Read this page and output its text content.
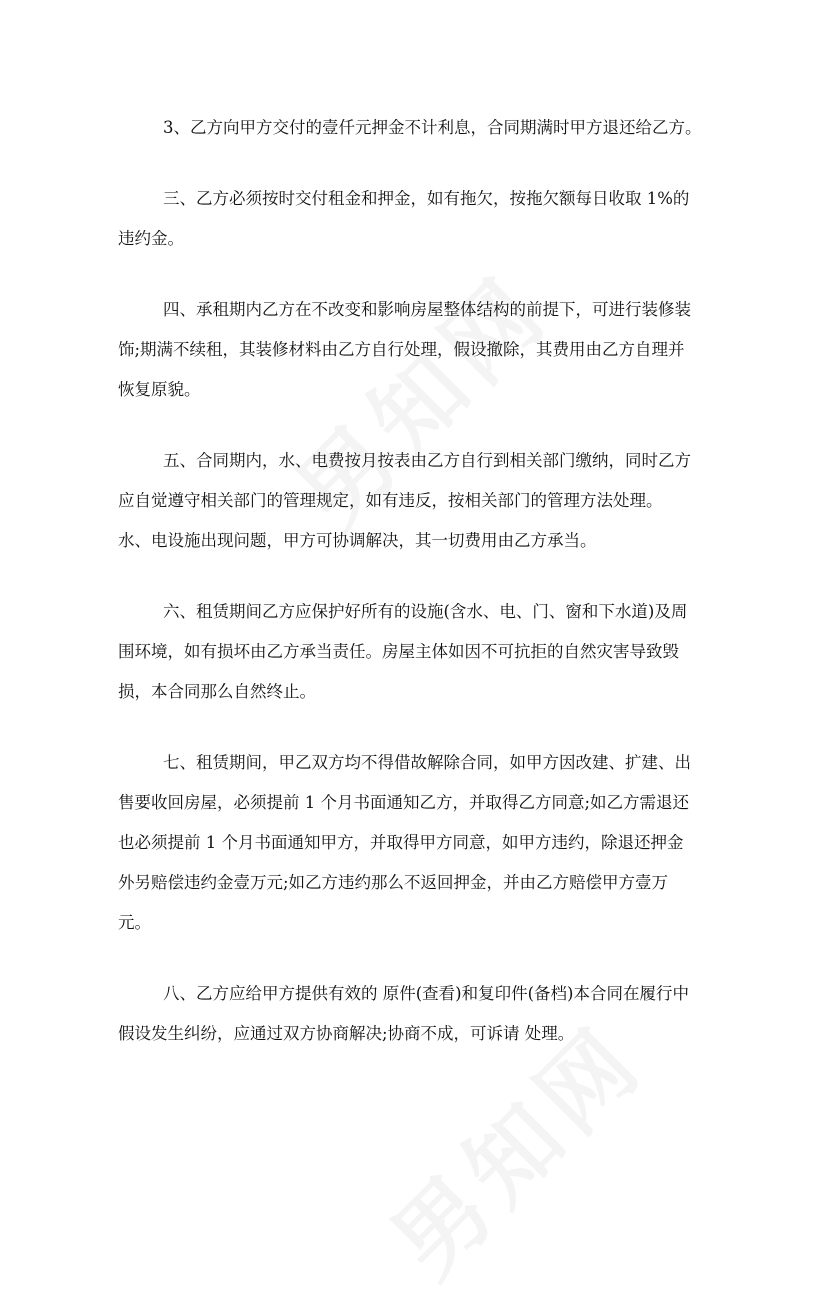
3、乙方向甲方交付的壹仟元押金不计利息，合同期满时甲方退还给乙方。

三、乙方必须按时交付租金和押金，如有拖欠，按拖欠额每日收取 1%的
违约金。

四、承租期内乙方在不改变和影响房屋整体结构的前提下，可进行装修装
饰;期满不续租，其装修材料由乙方自行处理，假设撤除，其费用由乙方自理并
恢复原貌。

五、合同期内，水、电费按月按表由乙方自行到相关部门缴纳，同时乙方
应自觉遵守相关部门的管理规定，如有违反，按相关部门的管理方法处理。
水、电设施出现问题，甲方可协调解决，其一切费用由乙方承当。

六、租赁期间乙方应保护好所有的设施(含水、电、门、窗和下水道)及周
围环境，如有损坏由乙方承当责任。房屋主体如因不可抗拒的自然灾害导致毁
损，本合同那么自然终止。

七、租赁期间，甲乙双方均不得借故解除合同，如甲方因改建、扩建、出
售要收回房屋，必须提前 1 个月书面通知乙方，并取得乙方同意;如乙方需退还
也必须提前 1 个月书面通知甲方，并取得甲方同意，如甲方违约，除退还押金
外另赔偿违约金壹万元;如乙方违约那么不返回押金，并由乙方赔偿甲方壹万
元。

八、乙方应给甲方提供有效的 原件(查看)和复印件(备档)本合同在履行中
假设发生纠纷，应通过双方协商解决;协商不成，可诉请 处理。
